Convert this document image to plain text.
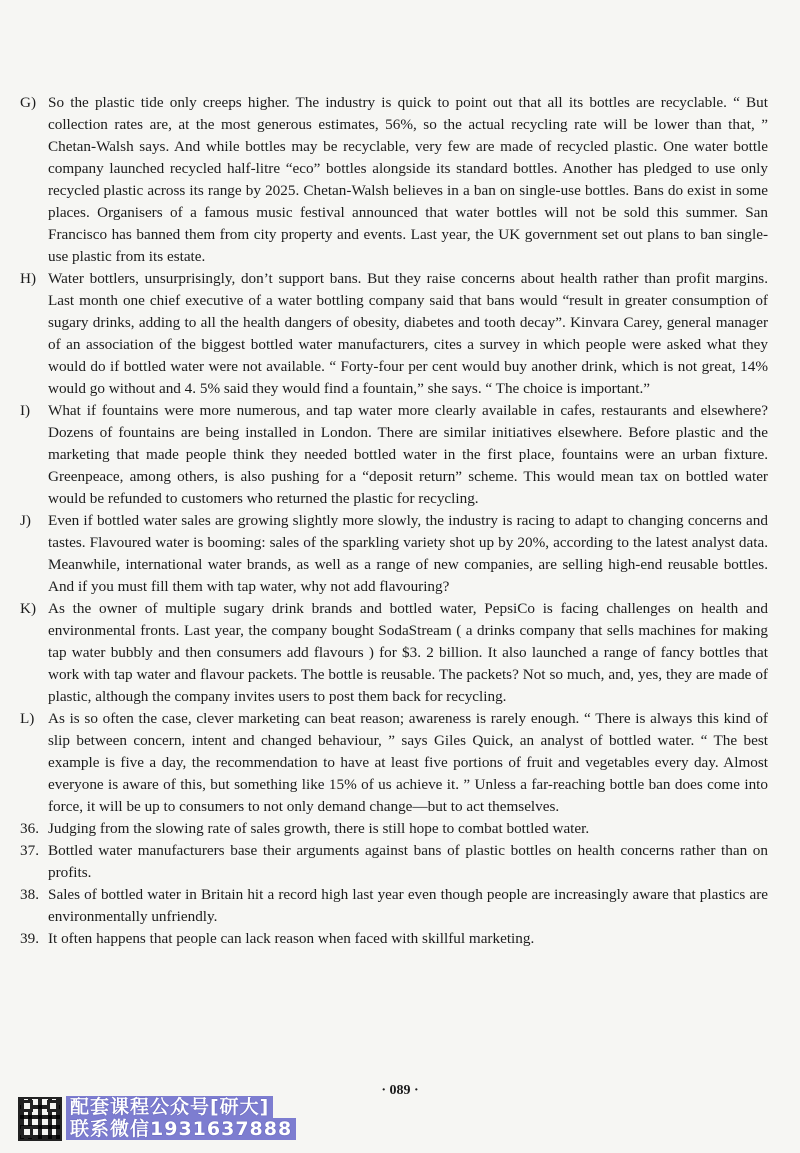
G) So the plastic tide only creeps higher. The industry is quick to point out that all its bottles are recyclable. “ But collection rates are, at the most generous estimates, 56%, so the actual recycling rate will be lower than that, ” Chetan-Walsh says. And while bottles may be recyclable, very few are made of recycled plastic. One water bottle company launched recycled half-litre “eco” bottles alongside its standard bottles. Another has pledged to use only recycled plastic across its range by 2025. Chetan-Walsh believes in a ban on single-use bottles. Bans do exist in some places. Organisers of a famous music festival announced that water bottles will not be sold this summer. San Francisco has banned them from city property and events. Last year, the UK government set out plans to ban single-use plastic from its estate.
H) Water bottlers, unsurprisingly, don’t support bans. But they raise concerns about health rather than profit margins. Last month one chief executive of a water bottling company said that bans would “result in greater consumption of sugary drinks, adding to all the health dangers of obesity, diabetes and tooth decay”. Kinvara Carey, general manager of an association of the biggest bottled water manufacturers, cites a survey in which people were asked what they would do if bottled water were not available. “ Forty-four per cent would buy another drink, which is not great, 14% would go without and 4. 5% said they would find a fountain,” she says. “ The choice is important.”
I)	What if fountains were more numerous, and tap water more clearly available in cafes, restaurants and elsewhere? Dozens of fountains are being installed in London. There are similar initiatives elsewhere. Before plastic and the marketing that made people think they needed bottled water in the first place, fountains were an urban fixture. Greenpeace, among others, is also pushing for a “deposit return” scheme. This would mean tax on bottled water would be refunded to customers who returned the plastic for recycling.
J)	Even if bottled water sales are growing slightly more slowly, the industry is racing to adapt to changing concerns and tastes. Flavoured water is booming: sales of the sparkling variety shot up by 20%, according to the latest analyst data. Meanwhile, international water brands, as well as a range of new companies, are selling high-end reusable bottles. And if you must fill them with tap water, why not add flavouring?
K) As the owner of multiple sugary drink brands and bottled water, PepsiCo is facing challenges on health and environmental fronts. Last year, the company bought SodaStream ( a drinks company that sells machines for making tap water bubbly and then consumers add flavours ) for $3. 2 billion. It also launched a range of fancy bottles that work with tap water and flavour packets. The bottle is reusable. The packets? Not so much, and, yes, they are made of plastic, although the company invites users to post them back for recycling.
L) As is so often the case, clever marketing can beat reason; awareness is rarely enough. “ There is always this kind of slip between concern, intent and changed behaviour, ” says Giles Quick, an analyst of bottled water. “ The best example is five a day, the recommendation to have at least five portions of fruit and vegetables every day. Almost everyone is aware of this, but something like 15% of us achieve it. ” Unless a far-reaching bottle ban does come into force, it will be up to consumers to not only demand change—but to act themselves.
36. Judging from the slowing rate of sales growth, there is still hope to combat bottled water.
37. Bottled water manufacturers base their arguments against bans of plastic bottles on health concerns rather than on profits.
38. Sales of bottled water in Britain hit a record high last year even though people are increasingly aware that plastics are environmentally unfriendly.
39. It often happens that people can lack reason when faced with skillful marketing.
· 089 ·
配套课程公众号[研大] 联系微信1931637888
